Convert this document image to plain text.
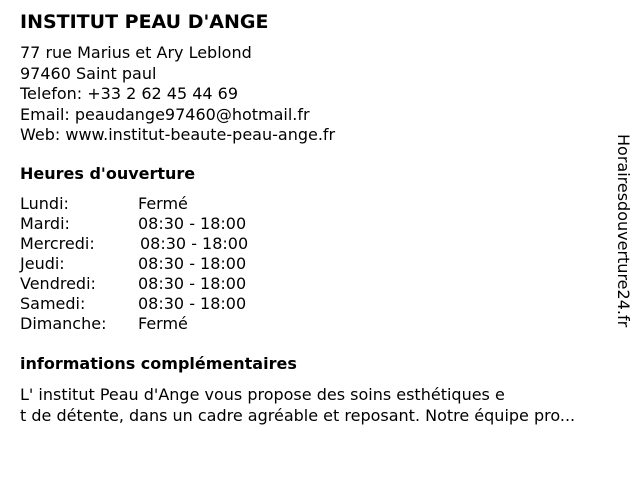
INSTITUT PEAU D'ANGE
77 rue Marius et Ary Leblond
97460 Saint paul
Telefon: +33 2 62 45 44 69
Email: peaudange97460@hotmail.fr
Web: www.institut-beaute-peau-ange.fr
Heures d'ouverture
Lundi:	Fermé
Mardi:	08:30 - 18:00
Mercredi:	08:30 - 18:00
Jeudi:	08:30 - 18:00
Vendredi:	08:30 - 18:00
Samedi:	08:30 - 18:00
Dimanche: Fermé
informations complémentaires
L' institut Peau d'Ange vous propose des soins esthétiques e
t de détente, dans un cadre agréable et reposant. Notre équipe pro...
Horairesdouverture24.fr
